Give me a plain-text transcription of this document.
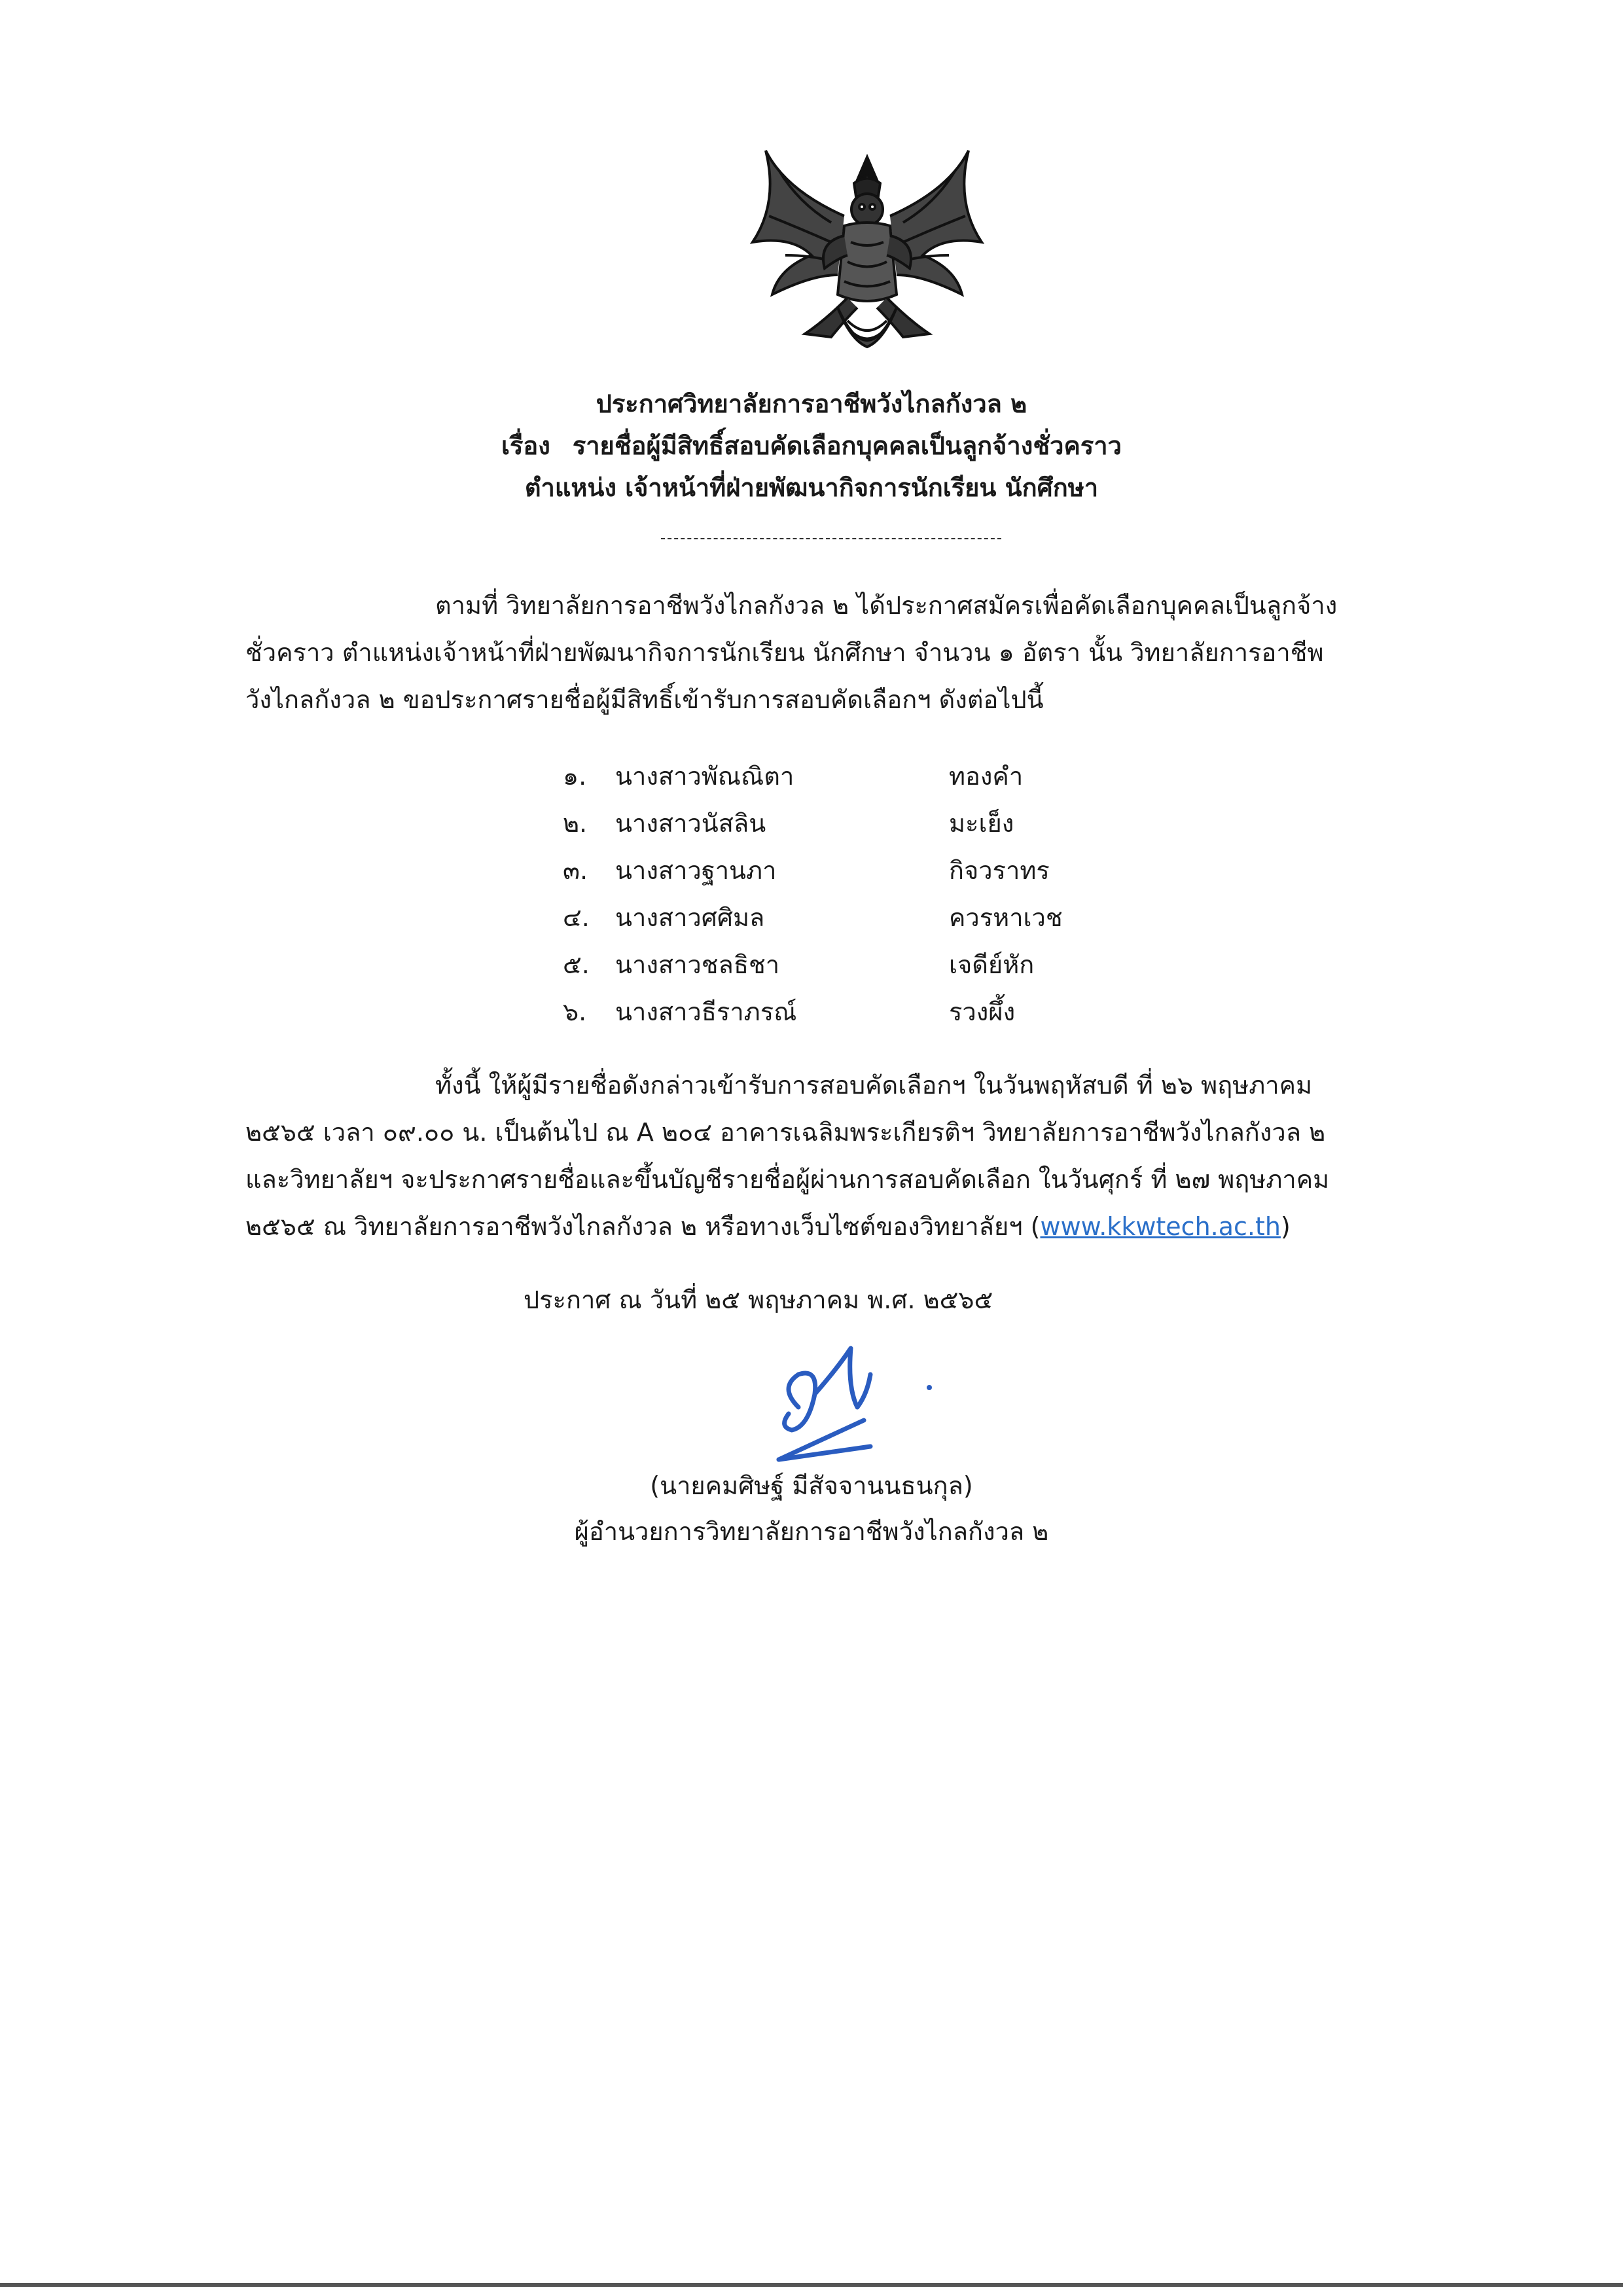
ประกาศวิทยาลัยการอาชีพวังไกลกังวล ๒
เรื่อง รายชื่อผู้มีสิทธิ์สอบคัดเลือกบุคคลเป็นลูกจ้างชั่วคราว
ตำแหน่ง เจ้าหน้าที่ฝ่ายพัฒนากิจการนักเรียน นักศึกษา
ตามที่ วิทยาลัยการอาชีพวังไกลกังวล ๒ ได้ประกาศสมัครเพื่อคัดเลือกบุคคลเป็นลูกจ้าง
ชั่วคราว ตำแหน่งเจ้าหน้าที่ฝ่ายพัฒนากิจการนักเรียน นักศึกษา จำนวน ๑ อัตรา นั้น วิทยาลัยการอาชีพ
วังไกลกังวล ๒ ขอประกาศรายชื่อผู้มีสิทธิ์เข้ารับการสอบคัดเลือกฯ ดังต่อไปนี้
๑. นางสาวพัณณิตา	ทองคำ
๒. นางสาวนัสลิน	มะเย็ง
๓. นางสาวฐานภา	กิจวราทร
๔. นางสาวศศิมล	ควรหาเวช
๕. นางสาวชลธิชา	เจดีย์หัก
๖. นางสาวธีราภรณ์	รวงผึ้ง
ทั้งนี้ ให้ผู้มีรายชื่อดังกล่าวเข้ารับการสอบคัดเลือกฯ ในวันพฤหัสบดี ที่ ๒๖ พฤษภาคม
๒๕๖๕ เวลา ๐๙.๐๐ น. เป็นต้นไป ณ A ๒๐๔ อาคารเฉลิมพระเกียรติฯ วิทยาลัยการอาชีพวังไกลกังวล ๒
และวิทยาลัยฯ จะประกาศรายชื่อและขึ้นบัญชีรายชื่อผู้ผ่านการสอบคัดเลือก ในวันศุกร์ ที่ ๒๗ พฤษภาคม
๒๕๖๕ ณ วิทยาลัยการอาชีพวังไกลกังวล ๒ หรือทางเว็บไซต์ของวิทยาลัยฯ (www.kkwtech.ac.th)
ประกาศ ณ วันที่ ๒๕ พฤษภาคม พ.ศ. ๒๕๖๕
(นายคมศิษฐ์ มีสัจจานนธนกุล)
ผู้อำนวยการวิทยาลัยการอาชีพวังไกลกังวล ๒
